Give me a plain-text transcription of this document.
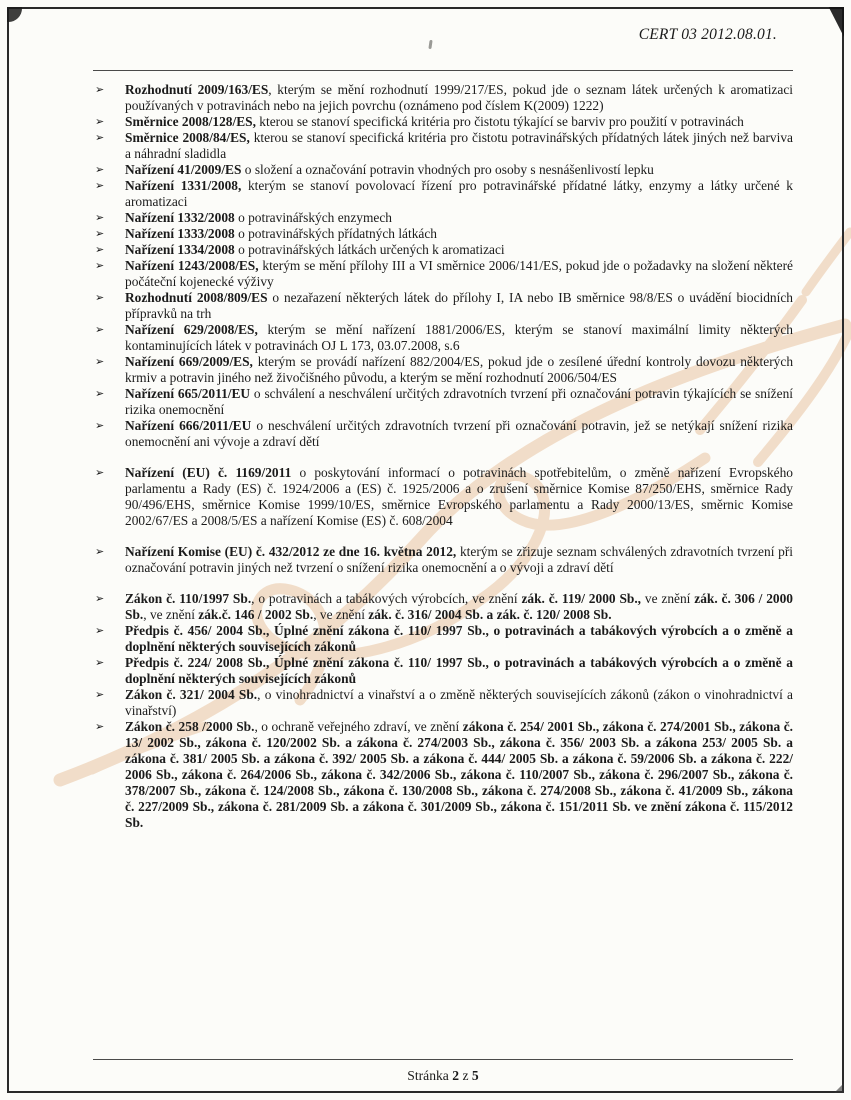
CERT 03 2012.08.01.
➢	Rozhodnutí 2009/163/ES, kterým se mění rozhodnutí 1999/217/ES, pokud jde o seznam látek určených k aromatizaci používaných v potravinách nebo na jejich povrchu (oznámeno pod číslem K(2009) 1222)
➢	Směrnice 2008/128/ES, kterou se stanoví specifická kritéria pro čistotu týkající se barviv pro použití v potravinách
➢	Směrnice 2008/84/ES, kterou se stanoví specifická kritéria pro čistotu potravinářských přídatných látek jiných než barviva a náhradní sladidla
➢	Nařízení 41/2009/ES o složení a označování potravin vhodných pro osoby s nesnášenlivostí lepku
➢	Nařízení 1331/2008, kterým se stanoví povolovací řízení pro potravinářské přídatné látky, enzymy a látky určené k aromatizaci
➢	Nařízení 1332/2008 o potravinářských enzymech
➢	Nařízení 1333/2008 o potravinářských přídatných látkách
➢	Nařízení 1334/2008 o potravinářských látkách určených k aromatizaci
➢	Nařízení 1243/2008/ES, kterým se mění přílohy III a VI směrnice 2006/141/ES, pokud jde o požadavky na složení některé počáteční kojenecké výživy
➢	Rozhodnutí 2008/809/ES o nezařazení některých látek do přílohy I, IA nebo IB směrnice 98/8/ES o uvádění biocidních přípravků na trh
➢	Nařízení 629/2008/ES, kterým se mění nařízení 1881/2006/ES, kterým se stanoví maximální limity některých kontaminujících látek v potravinách OJ L 173, 03.07.2008, s.6
➢	Nařízení 669/2009/ES, kterým se provádí nařízení 882/2004/ES, pokud jde o zesílené úřední kontroly dovozu některých krmiv a potravin jiného než živočišného původu, a kterým se mění rozhodnutí 2006/504/ES
➢	Nařízení 665/2011/EU o schválení a neschválení určitých zdravotních tvrzení při označování potravin týkajících se snížení rizika onemocnění
➢	Nařízení 666/2011/EU o neschválení určitých zdravotních tvrzení při označování potravin, jež se netýkají snížení rizika onemocnění ani vývoje a zdraví dětí
➢	Nařízení (EU) č. 1169/2011 o poskytování informací o potravinách spotřebitelům, o změně nařízení Evropského parlamentu a Rady (ES) č. 1924/2006 a (ES) č. 1925/2006 a o zrušení směrnice Komise 87/250/EHS, směrnice Rady 90/496/EHS, směrnice Komise 1999/10/ES, směrnice Evropského parlamentu a Rady 2000/13/ES, směrnic Komise 2002/67/ES a 2008/5/ES a nařízení Komise (ES) č. 608/2004
➢	Nařízení Komise (EU) č. 432/2012 ze dne 16. května 2012, kterým se zřizuje seznam schválených zdravotních tvrzení při označování potravin jiných než tvrzení o snížení rizika onemocnění a o vývoji a zdraví dětí
➢	Zákon č. 110/1997 Sb., o potravinách a tabákových výrobcích, ve znění zák. č. 119/ 2000 Sb., ve znění zák. č. 306 / 2000 Sb., ve znění zák.č. 146 / 2002 Sb., ve znění zák. č. 316/ 2004 Sb. a zák. č. 120/ 2008 Sb.
➢	Předpis č. 456/ 2004 Sb., Úplné znění zákona č. 110/ 1997 Sb., o potravinách a tabákových výrobcích a o změně a doplnění některých souvisejících zákonů
➢	Předpis č. 224/ 2008 Sb., Úplné znění zákona č. 110/ 1997 Sb., o potravinách a tabákových výrobcích a o změně a doplnění některých souvisejících zákonů
➢	Zákon č. 321/ 2004 Sb., o vinohradnictví a vinařství a o změně některých souvisejících zákonů (zákon o vinohradnictví a vinařství)
➢	Zákon č. 258 /2000 Sb., o ochraně veřejného zdraví, ve znění zákona č. 254/ 2001 Sb., zákona č. 274/2001 Sb., zákona č. 13/ 2002 Sb., zákona č. 120/2002 Sb. a zákona č. 274/2003 Sb., zákona č. 356/ 2003 Sb. a zákona 253/ 2005 Sb. a zákona č. 381/ 2005 Sb. a zákona č. 392/ 2005 Sb. a zákona č. 444/ 2005 Sb. a zákona č. 59/2006 Sb. a zákona č. 222/ 2006 Sb., zákona č. 264/2006 Sb., zákona č. 342/2006 Sb., zákona č. 110/2007 Sb., zákona č. 296/2007 Sb., zákona č. 378/2007 Sb., zákona č. 124/2008 Sb., zákona č. 130/2008 Sb., zákona č. 274/2008 Sb., zákona č. 41/2009 Sb., zákona č. 227/2009 Sb., zákona č. 281/2009 Sb. a zákona č. 301/2009 Sb., zákona č. 151/2011 Sb. ve znění zákona č. 115/2012 Sb.
Stránka 2 z 5
